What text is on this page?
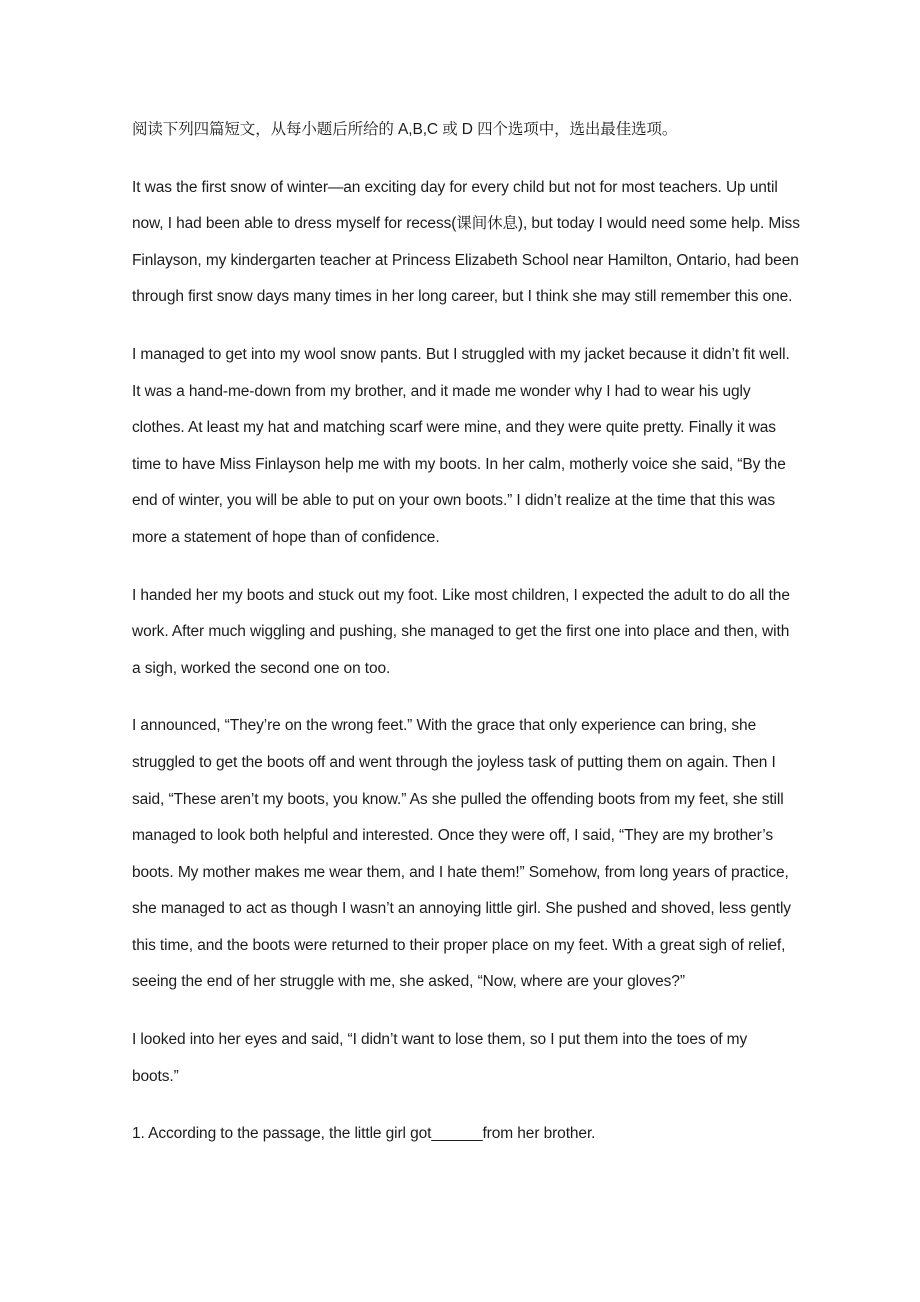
阅读下列四篇短文，从每小题后所给的 A,B,C 或 D 四个选项中，选出最佳选项。

It was the first snow of winter—an exciting day for every child but not for most teachers. Up until
now, I had been able to dress myself for recess(课间休息), but today I would need some help. Miss
Finlayson, my kindergarten teacher at Princess Elizabeth School near Hamilton, Ontario, had been
through first snow days many times in her long career, but I think she may still remember this one.

I managed to get into my wool snow pants. But I struggled with my jacket because it didn’t fit well.
It was a hand-me-down from my brother, and it made me wonder why I had to wear his ugly
clothes. At least my hat and matching scarf were mine, and they were quite pretty. Finally it was
time to have Miss Finlayson help me with my boots. In her calm, motherly voice she said, “By the
end of winter, you will be able to put on your own boots.” I didn’t realize at the time that this was
more a statement of hope than of confidence.

I handed her my boots and stuck out my foot. Like most children, I expected the adult to do all the
work. After much wiggling and pushing, she managed to get the first one into place and then, with
a sigh, worked the second one on too.

I announced, “They’re on the wrong feet.” With the grace that only experience can bring, she
struggled to get the boots off and went through the joyless task of putting them on again. Then I
said, “These aren’t my boots, you know.” As she pulled the offending boots from my feet, she still
managed to look both helpful and interested. Once they were off, I said, “They are my brother’s
boots. My mother makes me wear them, and I hate them!” Somehow, from long years of practice,
she managed to act as though I wasn’t an annoying little girl. She pushed and shoved, less gently
this time, and the boots were returned to their proper place on my feet. With a great sigh of relief,
seeing the end of her struggle with me, she asked, “Now, where are your gloves?”

I looked into her eyes and said, “I didn’t want to lose them, so I put them into the toes of my
boots.”

1. According to the passage, the little girl got______from her brother.
